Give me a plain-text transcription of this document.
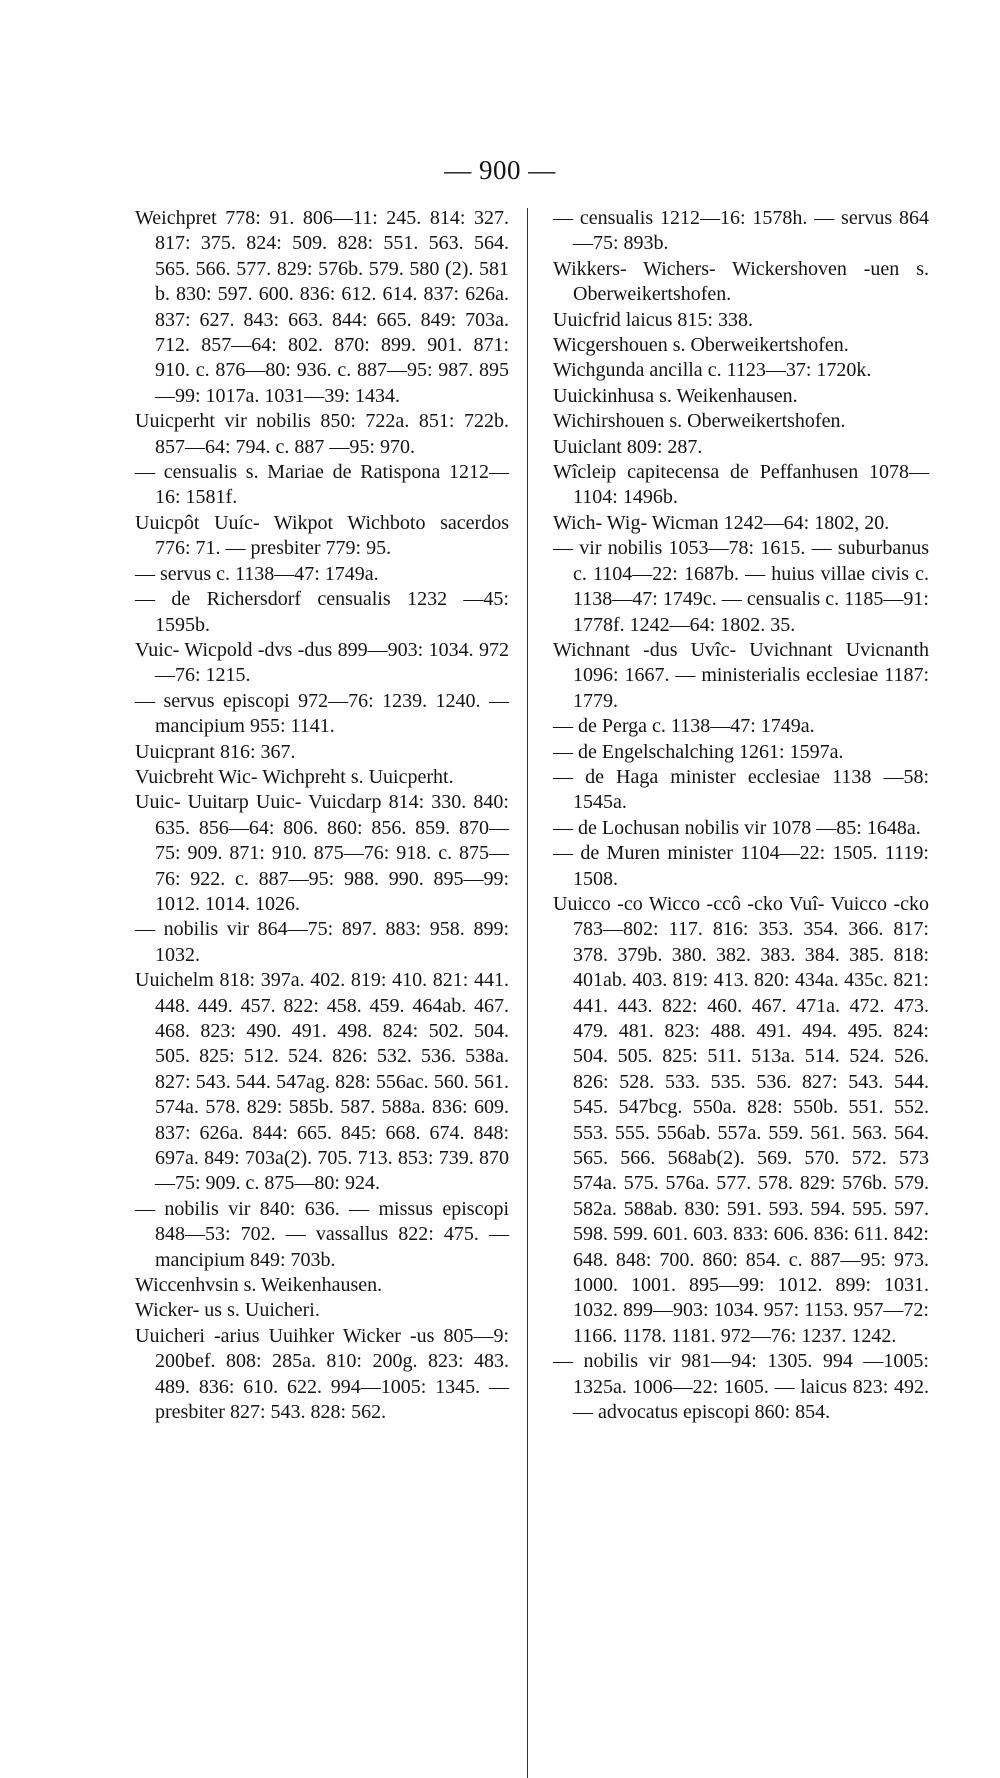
— 900 —

Weichpret 778: 91. 806—11: 245. 814: 327. 817: 375. 824: 509. 828: 551. 563. 564. 565. 566. 577. 829: 576b. 579. 580 (2). 581 b. 830: 597. 600. 836: 612. 614. 837: 626a. 837: 627. 843: 663. 844: 665. 849: 703a. 712. 857—64: 802. 870: 899. 901. 871: 910. c. 876—80: 936. c. 887—95: 987. 895—99: 1017a. 1031—39: 1434.

Uuicperht vir nobilis 850: 722a. 851: 722b. 857—64: 794. c. 887 —95: 970.

— censualis s. Mariae de Ratispona 1212—16: 1581f.

Uuicpôt Uuíc- Wikpot Wichboto sacerdos 776: 71. — presbiter 779: 95.

— servus c. 1138—47: 1749a.

— de Richersdorf censualis 1232 —45: 1595b.

Vuic- Wicpold -dvs -dus 899—903: 1034. 972—76: 1215.

— servus episcopi 972—76: 1239. 1240. — mancipium 955: 1141.

Uuicprant 816: 367.

Vuicbreht Wic- Wichpreht s. Uuicperht.

Uuic- Uuitarp Uuic- Vuicdarp 814: 330. 840: 635. 856—64: 806. 860: 856. 859. 870—75: 909. 871: 910. 875—76: 918. c. 875—76: 922. c. 887—95: 988. 990. 895—99: 1012. 1014. 1026.

— nobilis vir 864—75: 897. 883: 958. 899: 1032.

Uuichelm 818: 397a. 402. 819: 410. 821: 441. 448. 449. 457. 822: 458. 459. 464ab. 467. 468. 823: 490. 491. 498. 824: 502. 504. 505. 825: 512. 524. 826: 532. 536. 538a. 827: 543. 544. 547ag. 828: 556ac. 560. 561. 574a. 578. 829: 585b. 587. 588a. 836: 609. 837: 626a. 844: 665. 845: 668. 674. 848: 697a. 849: 703a(2). 705. 713. 853: 739. 870—75: 909. c. 875—80: 924.

— nobilis vir 840: 636. — missus episcopi 848—53: 702. — vassallus 822: 475. — mancipium 849: 703b.

Wiccenhvsin s. Weikenhausen.

Wicker- us s. Uuicheri.

Uuicheri -arius Uuihker Wicker -us 805—9: 200bef. 808: 285a. 810: 200g. 823: 483. 489. 836: 610. 622. 994—1005: 1345. — presbiter 827: 543. 828: 562.

— censualis 1212—16: 1578h. — servus 864—75: 893b.

Wikkers- Wichers- Wickershoven -uen s. Oberweikertshofen.

Uuicfrid laicus 815: 338.

Wicgershouen s. Oberweikertshofen.

Wichgunda ancilla c. 1123—37: 1720k.

Uuickinhusa s. Weikenhausen.

Wichirshouen s. Oberweikertshofen.

Uuiclant 809: 287.

Wîcleip capitecensa de Peffanhusen 1078—1104: 1496b.

Wich- Wig- Wicman 1242—64: 1802, 20.

— vir nobilis 1053—78: 1615. — suburbanus c. 1104—22: 1687b. — huius villae civis c. 1138—47: 1749c. — censualis c. 1185—91: 1778f. 1242—64: 1802. 35.

Wichnant -dus Uvîc- Uvichnant Uvicnanth 1096: 1667. — ministerialis ecclesiae 1187: 1779.

— de Perga c. 1138—47: 1749a.

— de Engelschalching 1261: 1597a.

— de Haga minister ecclesiae 1138 —58: 1545a.

— de Lochusan nobilis vir 1078 —85: 1648a.

— de Muren minister 1104—22: 1505. 1119: 1508.

Uuicco -co Wicco -ccô -cko Vuî- Vuicco -cko 783—802: 117. 816: 353. 354. 366. 817: 378. 379b. 380. 382. 383. 384. 385. 818: 401ab. 403. 819: 413. 820: 434a. 435c. 821: 441. 443. 822: 460. 467. 471a. 472. 473. 479. 481. 823: 488. 491. 494. 495. 824: 504. 505. 825: 511. 513a. 514. 524. 526. 826: 528. 533. 535. 536. 827: 543. 544. 545. 547bcg. 550a. 828: 550b. 551. 552. 553. 555. 556ab. 557a. 559. 561. 563. 564. 565. 566. 568ab(2). 569. 570. 572. 573 574a. 575. 576a. 577. 578. 829: 576b. 579. 582a. 588ab. 830: 591. 593. 594. 595. 597. 598. 599. 601. 603. 833: 606. 836: 611. 842: 648. 848: 700. 860: 854. c. 887—95: 973. 1000. 1001. 895—99: 1012. 899: 1031. 1032. 899—903: 1034. 957: 1153. 957—72: 1166. 1178. 1181. 972—76: 1237. 1242.

— nobilis vir 981—94: 1305. 994 —1005: 1325a. 1006—22: 1605. — laicus 823: 492. — advocatus episcopi 860: 854.
